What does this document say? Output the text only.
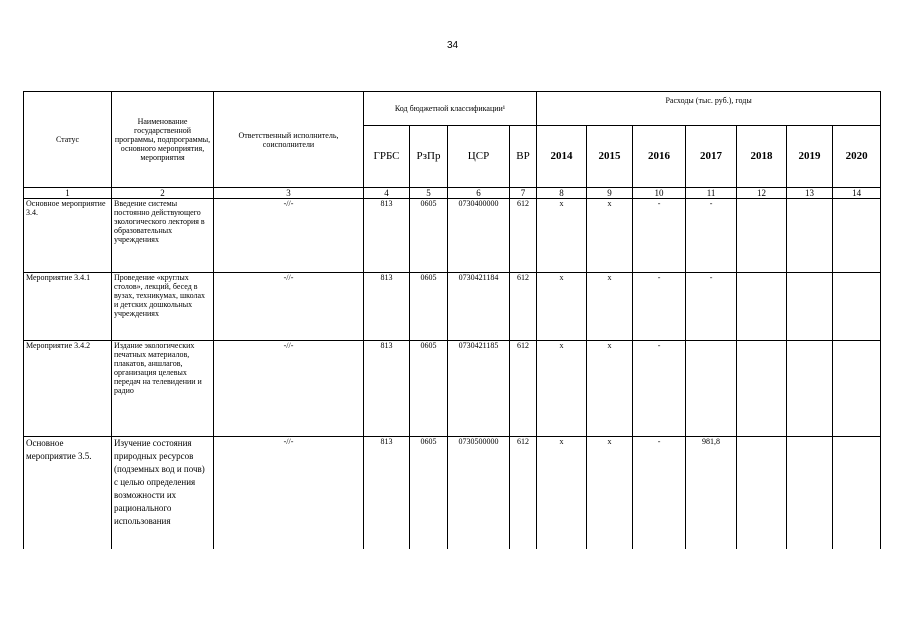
34
Статус	Наименование государственной программы, подпрограммы, основного мероприятия, мероприятия	Ответственный исполнитель, соисполнители	Код бюджетной классификации¹				Расходы (тыс. руб.), годы						
			ГРБС	РзПр	ЦСР	ВР	2014	2015	2016	2017	2018	2019	2020
1	2	3	4	5	6	7	8	9	10	11	12	13	14
Основное мероприятие 3.4.	Введение системы постоянно действующего экологического лектория в образовательных учреждениях	-//-	813	0605	0730400000	612	x	x	-	-			
Мероприятие 3.4.1	Проведение «круглых столов», лекций, бесед в вузах, техникумах, школах и детских дошкольных учреждениях	-//-	813	0605	0730421184	612	x	x	-	-			
Мероприятие 3.4.2	Издание экологических печатных материалов, плакатов, аншлагов, организация целевых передач на телевидении и радио	-//-	813	0605	0730421185	612	x	x	-				
Основное мероприятие 3.5.	Изучение состояния природных ресурсов (подземных вод и почв) с целью определения возможности их рационального использования	-//-	813	0605	0730500000	612	x	x	-	981,8			
